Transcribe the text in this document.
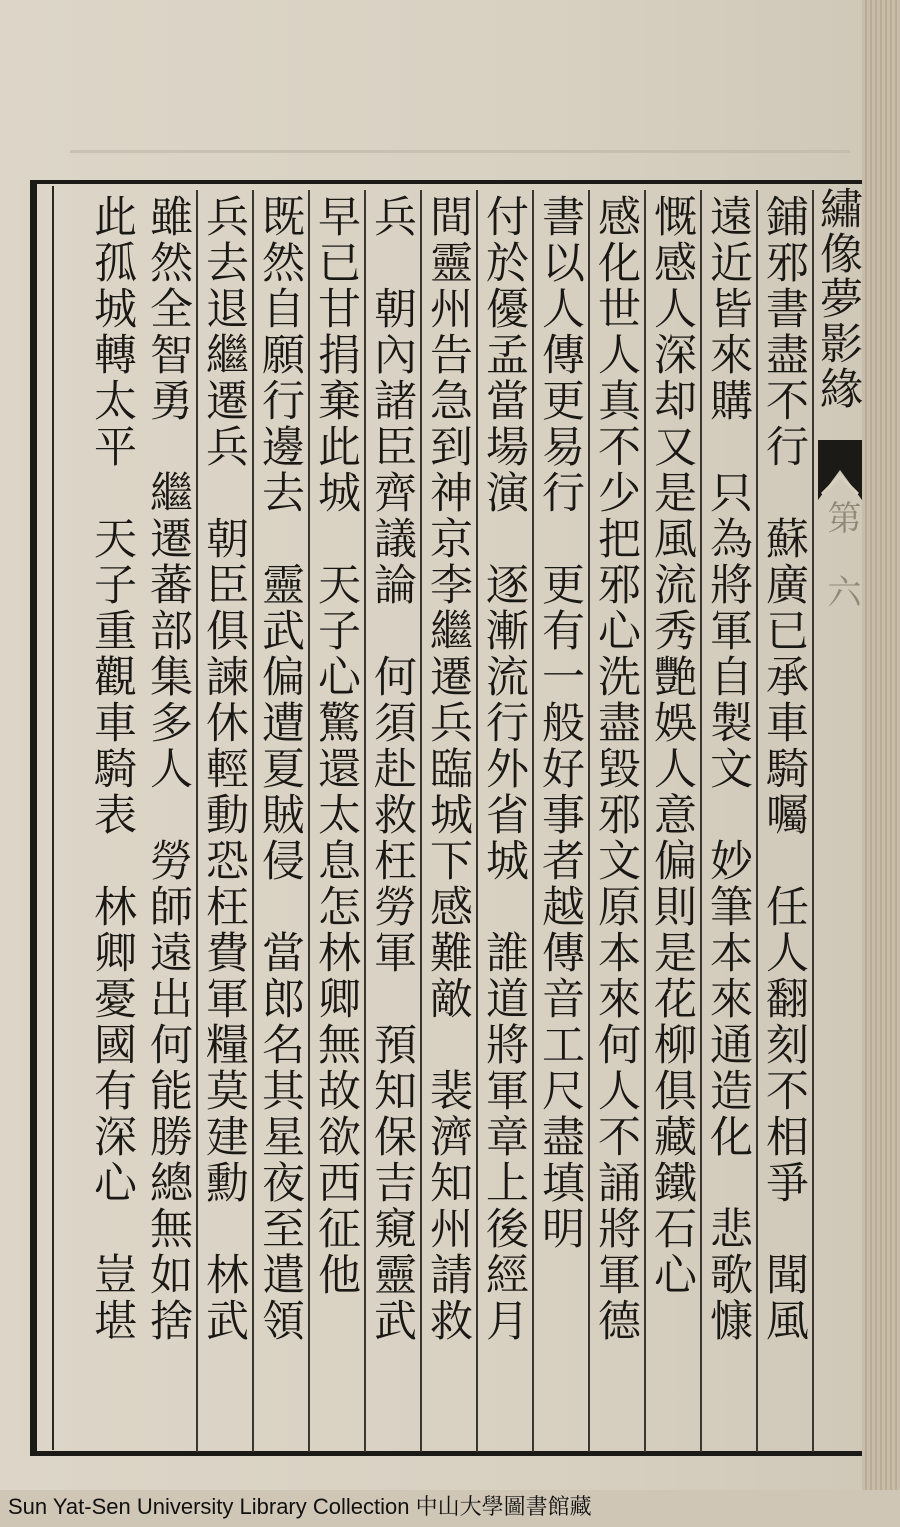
繡像夢影緣
第 六
鋪邪書盡不行　蘇廣已承車騎囑　任人翻刻不相爭　聞風
遠近皆來購　只為將軍自製文　妙筆本來通造化　悲歌慷
慨感人深却又是風流秀艷娛人意偏則是花柳俱藏鐵石心
感化世人真不少把邪心洗盡毀邪文原本來何人不誦將軍德
書以人傳更易行　更有一般好事者越傳音工尺盡填明
付於優孟當場演　逐漸流行外省城　誰道將軍章上後經月
間靈州告急到神京李繼遷兵臨城下感難敵　裴濟知州請救
兵　朝內諸臣齊議論　何須赴救枉勞軍　預知保吉窺靈武
早已甘捐棄此城　天子心驚還太息怎林卿無故欲西征他
既然自願行邊去　靈武偏遭夏賊侵　當郎名其星夜至遣領
兵去退繼遷兵　朝臣俱諫休輕動恐枉費軍糧莫建勳　林武
雖然全智勇　繼遷蕃部集多人　勞師遠出何能勝總無如捨
此孤城轉太平　天子重觀車騎表　林卿憂國有深心　豈堪
Sun Yat-Sen University Library Collection 中山大學圖書館藏
